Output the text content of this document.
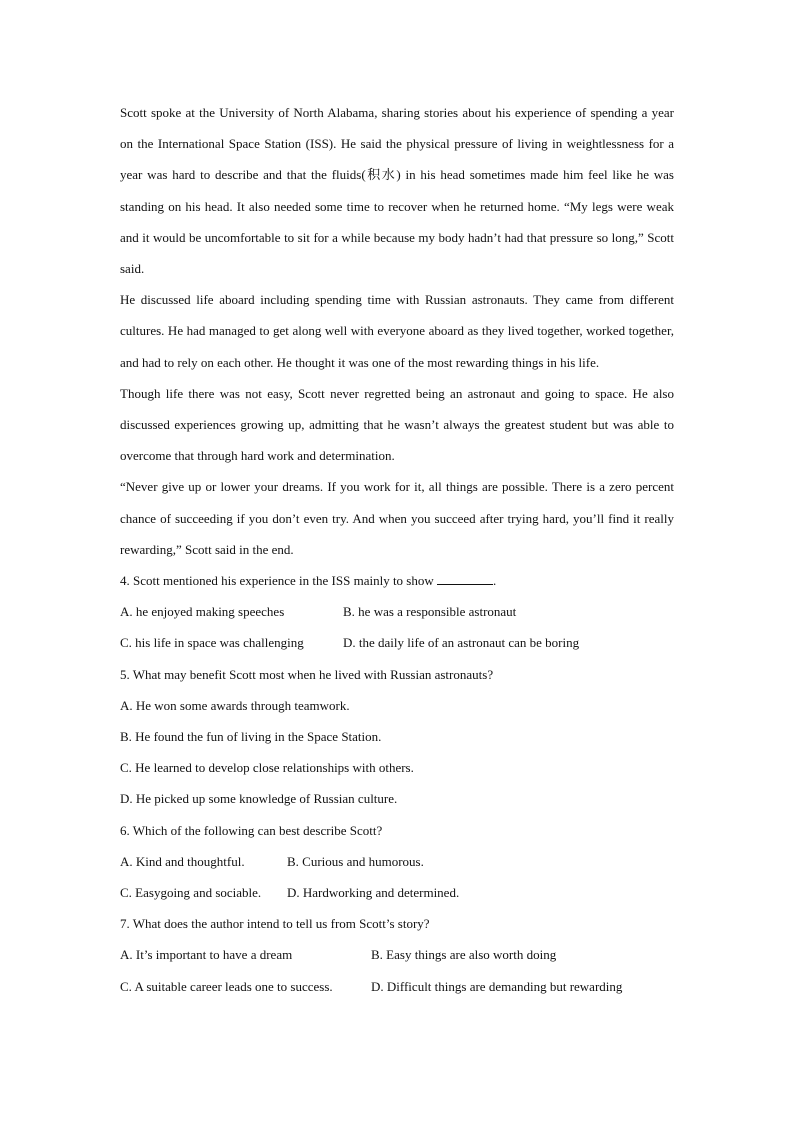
Scott spoke at the University of North Alabama, sharing stories about his experience of spending a year on the International Space Station (ISS). He said the physical pressure of living in weightlessness for a year was hard to describe and that the fluids(积水) in his head sometimes made him feel like he was standing on his head. It also needed some time to recover when he returned home. “My legs were weak and it would be uncomfortable to sit for a while because my body hadn’t had that pressure so long,” Scott said.

He discussed life aboard including spending time with Russian astronauts. They came from different cultures. He had managed to get along well with everyone aboard as they lived together, worked together, and had to rely on each other. He thought it was one of the most rewarding things in his life.

Though life there was not easy, Scott never regretted being an astronaut and going to space. He also discussed experiences growing up, admitting that he wasn’t always the greatest student but was able to overcome that through hard work and determination.

“Never give up or lower your dreams. If you work for it, all things are possible. There is a zero percent chance of succeeding if you don’t even try. And when you succeed after trying hard, you’ll find it really rewarding,” Scott said in the end.

4. Scott mentioned his experience in the ISS mainly to show	.

A. he enjoyed making speeches	B. he was a responsible astronaut
C. his life in space was challenging	D. the daily life of an astronaut can be boring

5. What may benefit Scott most when he lived with Russian astronauts?

A. He won some awards through teamwork.

B. He found the fun of living in the Space Station.

C. He learned to develop close relationships with others.

D. He picked up some knowledge of Russian culture.

6. Which of the following can best describe Scott?

A. Kind and thoughtful.	B. Curious and humorous.
C. Easygoing and sociable. D. Hardworking and determined.

7. What does the author intend to tell us from Scott’s story?

A. It’s important to have a dream	B. Easy things are also worth doing
C. A suitable career leads one to success.	D. Difficult things are demanding but rewarding
